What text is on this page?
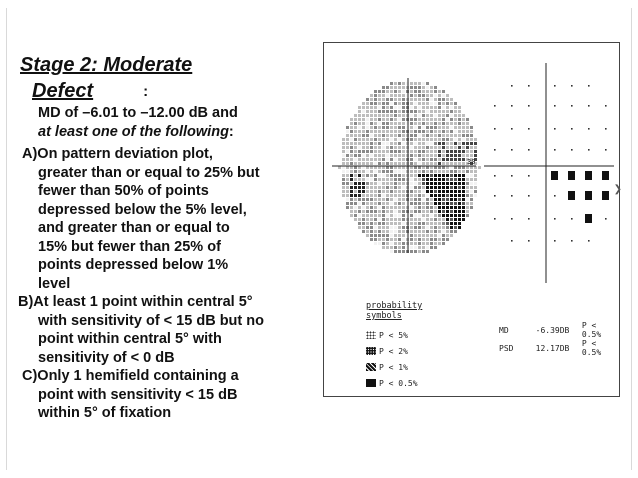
Stage 2: Moderate
Defect	:
MD of –6.01 to –12.00 dB and
at least one of the following:
A)On pattern deviation plot,
greater than or equal to 25% but
fewer than 50% of points
depressed below the 5% level,
and greater than or equal to
15% but fewer than 25% of
points depressed below 1%
level
B)At least 1 point within central 5°
with sensitivity of < 15 dB but no
point within central 5° with
sensitivity of < 0 dB
C)Only 1 hemifield containing a
point with sensitivity < 15 dB
within 5° of fixation
30
probability symbols
P < 5%
P < 2%
P < 1%
P < 0.5%
MD	-6.39DB	P < 0.5%
PSD	12.17DB	P < 0.5%
❯
